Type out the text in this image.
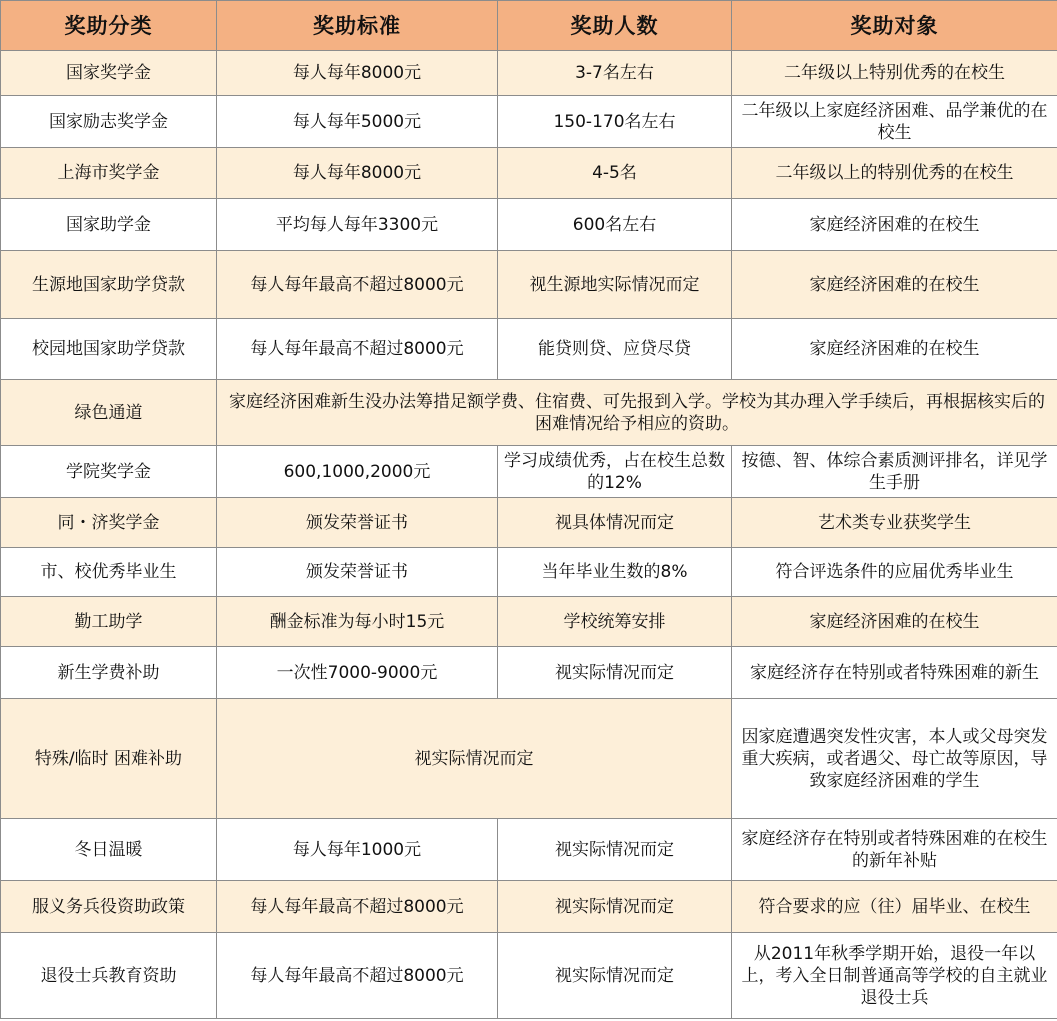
奖助分类	奖助标准	奖助人数	奖助对象
国家奖学金	每人每年8000元	3-7名左右	二年级以上特别优秀的在校生
国家励志奖学金	每人每年5000元	150-170名左右	二年级以上家庭经济困难、品学兼优的在校生
上海市奖学金	每人每年8000元	4-5名	二年级以上的特别优秀的在校生
国家助学金	平均每人每年3300元	600名左右	家庭经济困难的在校生
生源地国家助学贷款	每人每年最高不超过8000元	视生源地实际情况而定	家庭经济困难的在校生
校园地国家助学贷款	每人每年最高不超过8000元	能贷则贷、应贷尽贷	家庭经济困难的在校生
绿色通道	家庭经济困难新生没办法筹措足额学费、住宿费、可先报到入学。学校为其办理入学手续后，再根据核实后的困难情况给予相应的资助。		
学院奖学金	600,1000,2000元	学习成绩优秀，占在校生总数的12%	按德、智、体综合素质测评排名，详见学生手册
同・济奖学金	颁发荣誉证书	视具体情况而定	艺术类专业获奖学生
市、校优秀毕业生	颁发荣誉证书	当年毕业生数的8%	符合评选条件的应届优秀毕业生
勤工助学	酬金标准为每小时15元	学校统筹安排	家庭经济困难的在校生
新生学费补助	一次性7000-9000元	视实际情况而定	家庭经济存在特别或者特殊困难的新生
特殊/临时 困难补助	视实际情况而定		因家庭遭遇突发性灾害，本人或父母突发重大疾病，或者遇父、母亡故等原因，导致家庭经济困难的学生
冬日温暖	每人每年1000元	视实际情况而定	家庭经济存在特别或者特殊困难的在校生的新年补贴
服义务兵役资助政策	每人每年最高不超过8000元	视实际情况而定	符合要求的应（往）届毕业、在校生
退役士兵教育资助	每人每年最高不超过8000元	视实际情况而定	从2011年秋季学期开始，退役一年以上，考入全日制普通高等学校的自主就业退役士兵
